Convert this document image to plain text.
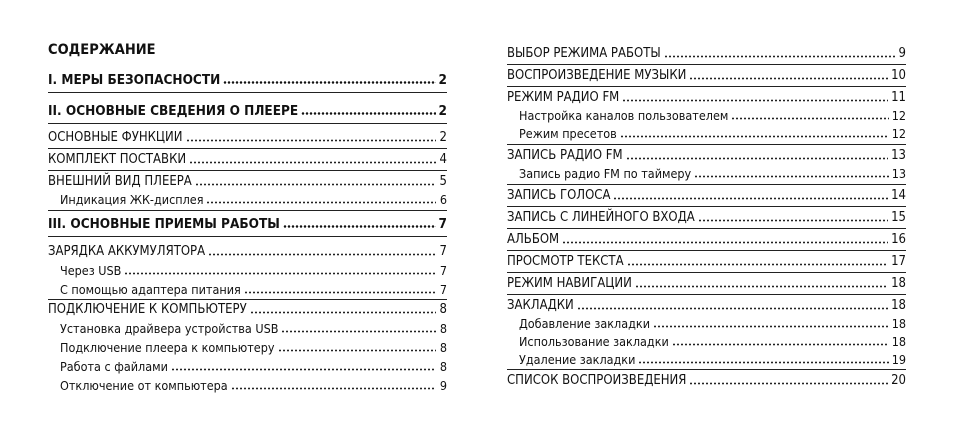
СОДЕРЖАНИЕ
I. МЕРЫ БЕЗОПАСНОСТИ	2
II. ОСНОВНЫЕ СВЕДЕНИЯ О ПЛЕЕРЕ	2
ОСНОВНЫЕ ФУНКЦИИ	2
КОМПЛЕКТ ПОСТАВКИ	4
ВНЕШНИЙ ВИД ПЛЕЕРА	5
Индикация ЖК-дисплея	6
III. ОСНОВНЫЕ ПРИЕМЫ РАБОТЫ	7
ЗАРЯДКА АККУМУЛЯТОРА	7
Через USB	7
С помощью адаптера питания	7
ПОДКЛЮЧЕНИЕ К КОМПЬЮТЕРУ	8
Установка драйвера устройства USB	8
Подключение плеера к компьютеру	8
Работа с файлами	8
Отключение от компьютера	9
ВЫБОР РЕЖИМА РАБОТЫ	9
ВОСПРОИЗВЕДЕНИЕ МУЗЫКИ	10
РЕЖИМ РАДИО FM	11
Настройка каналов пользователем	12
Режим пресетов	12
ЗАПИСЬ РАДИО FM	13
Запись радио FM по таймеру	13
ЗАПИСЬ ГОЛОСА	14
ЗАПИСЬ С ЛИНЕЙНОГО ВХОДА	15
АЛЬБОМ	16
ПРОСМОТР ТЕКСТА	17
РЕЖИМ НАВИГАЦИИ	18
ЗАКЛАДКИ	18
Добавление закладки	18
Использование закладки	18
Удаление закладки	19
СПИСОК ВОСПРОИЗВЕДЕНИЯ	20
